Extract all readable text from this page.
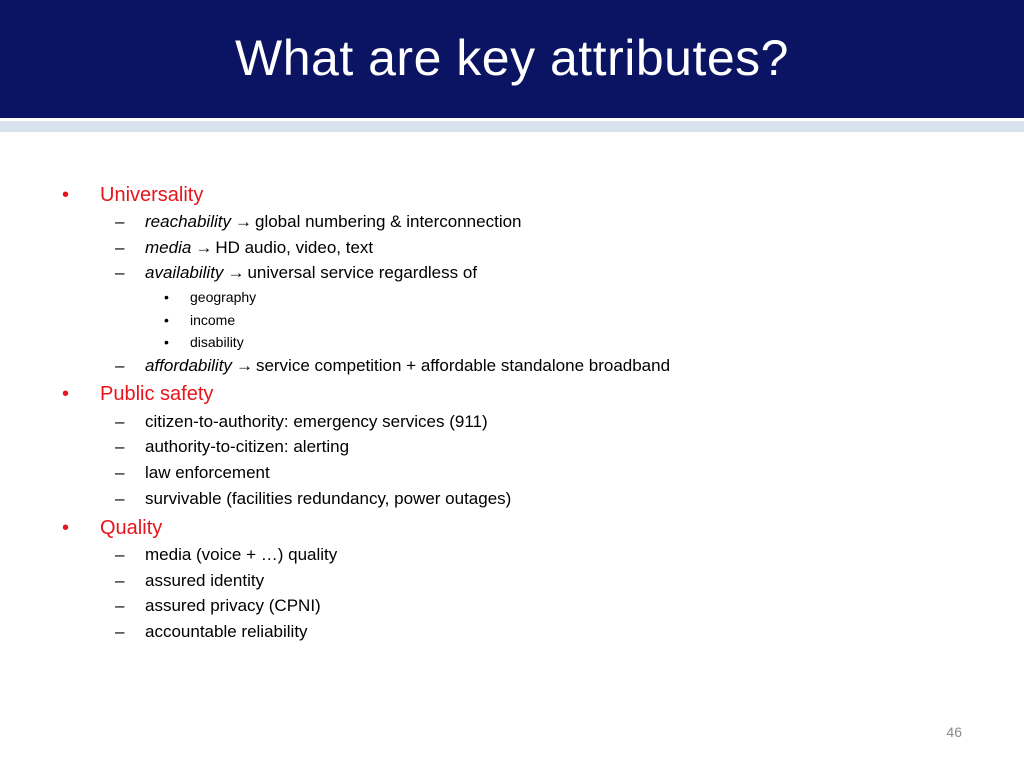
What are key attributes?
• Universality
– reachability → global numbering & interconnection
– media → HD audio, video, text
– availability → universal service regardless of
• geography
• income
• disability
– affordability → service competition + affordable standalone broadband
• Public safety
– citizen-to-authority: emergency services (911)
– authority-to-citizen: alerting
– law enforcement
– survivable (facilities redundancy, power outages)
• Quality
– media (voice + …) quality
– assured identity
– assured privacy (CPNI)
– accountable reliability
46
